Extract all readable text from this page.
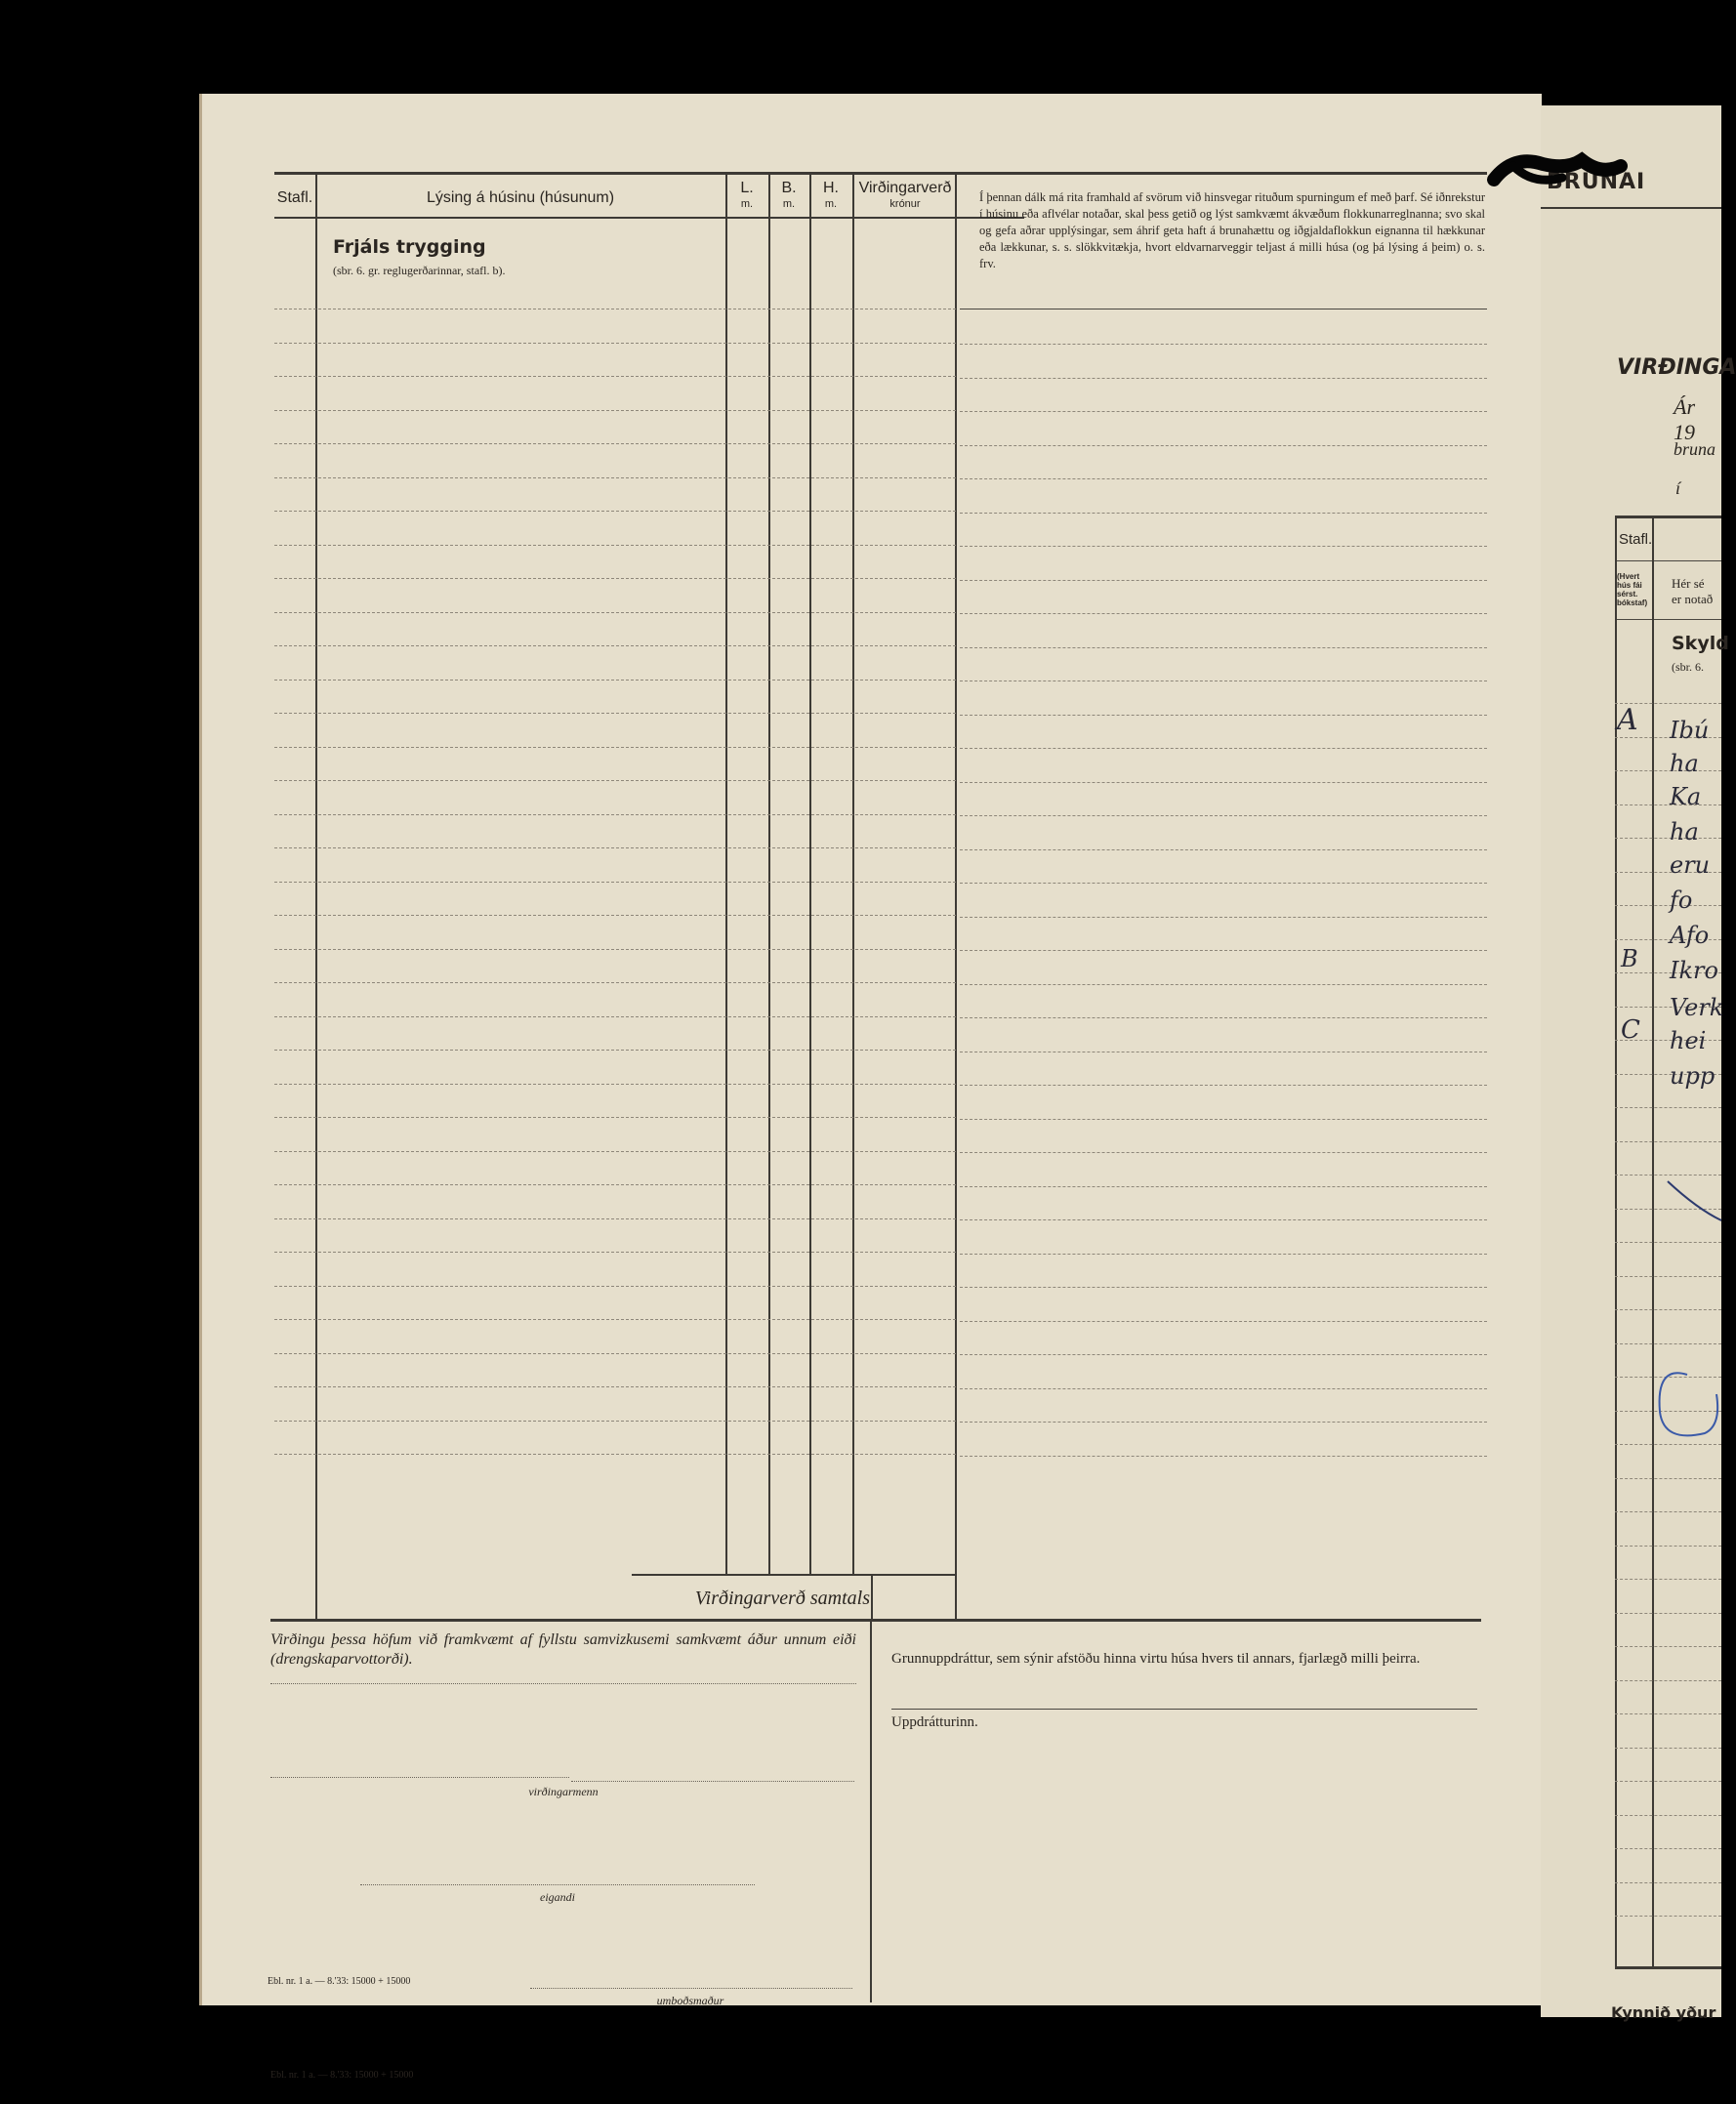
Stafl.	Lýsing á húsinu (húsunum)
L.
m.
B.
m.
H.
m.
Virðingarverð
krónur
Frjáls trygging
(sbr. 6. gr. reglugerðarinnar, stafl. b).
Í þennan dálk má rita framhald af svörum við hinsvegar rituðum spurningum ef með þarf. Sé iðnrekstur í húsinu eða aflvélar notaðar, skal þess getið og lýst samkvæmt ákvæðum flokkunarreglnanna; svo skal og gefa aðrar upplýsingar, sem áhrif geta haft á brunahættu og iðgjaldaflokkun eignanna til hækkunar eða lækkunar, s. s. slökkvitækja, hvort eldvarnarveggir teljast á milli húsa (og þá lýsing á þeim) o. s. frv.
Virðingarverð samtals
Virðingu þessa höfum við framkvæmt af fyllstu samvizkusemi samkvæmt áður unnum eiði (drengskaparvottorði).
virðingarmenn
eigandi
umboðsmaður
Grunnuppdráttur, sem sýnir afstöðu hinna virtu húsa hvers til annars, fjarlægð milli þeirra.
Uppdrátturinn.
Ebl. nr. 1 a. — 8.'33: 15000 + 15000
Ebl. nr. 1 a. — 8.'33: 15000 + 15000
BRUNAI
VIRÐINGA
Ár 19
bruna
í
Stafl.
(Hvert hús fái sérst. bókstaf)
Hér sé
er notað
Skyld
(sbr. 6.
A
B
C
Ibú
ha
Ka
ha
eru
fo
Afo
Ikro
Verk
hei
upp
Kynnið yður
